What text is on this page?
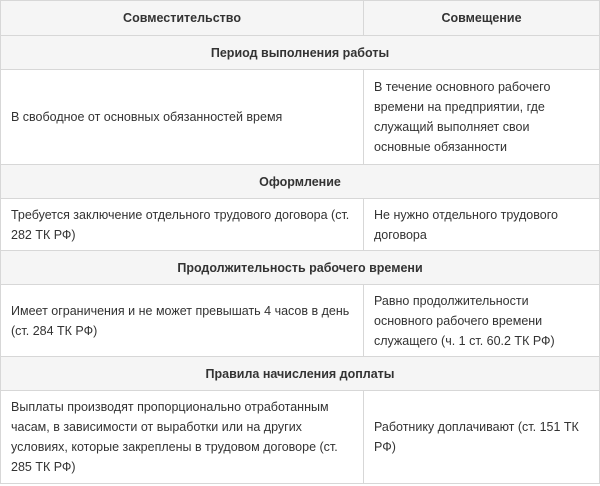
Совместительство	Совмещение
Период выполнения работы	
В свободное от основных обязанностей время	В течение основного рабочего времени на предприятии, где служащий выполняет свои основные обязанности
Оформление	
Требуется заключение отдельного трудового договора (ст. 282 ТК РФ)	Не нужно отдельного трудового договора
Продолжительность рабочего времени	
Имеет ограничения и не может превышать 4 часов в день (ст. 284 ТК РФ)	Равно продолжительности основного рабочего времени служащего (ч. 1 ст. 60.2 ТК РФ)
Правила начисления доплаты	
Выплаты производят пропорционально отработанным часам, в зависимости от выработки или на других условиях, которые закреплены в трудовом договоре (ст. 285 ТК РФ)	Работнику доплачивают (ст. 151 ТК РФ)
